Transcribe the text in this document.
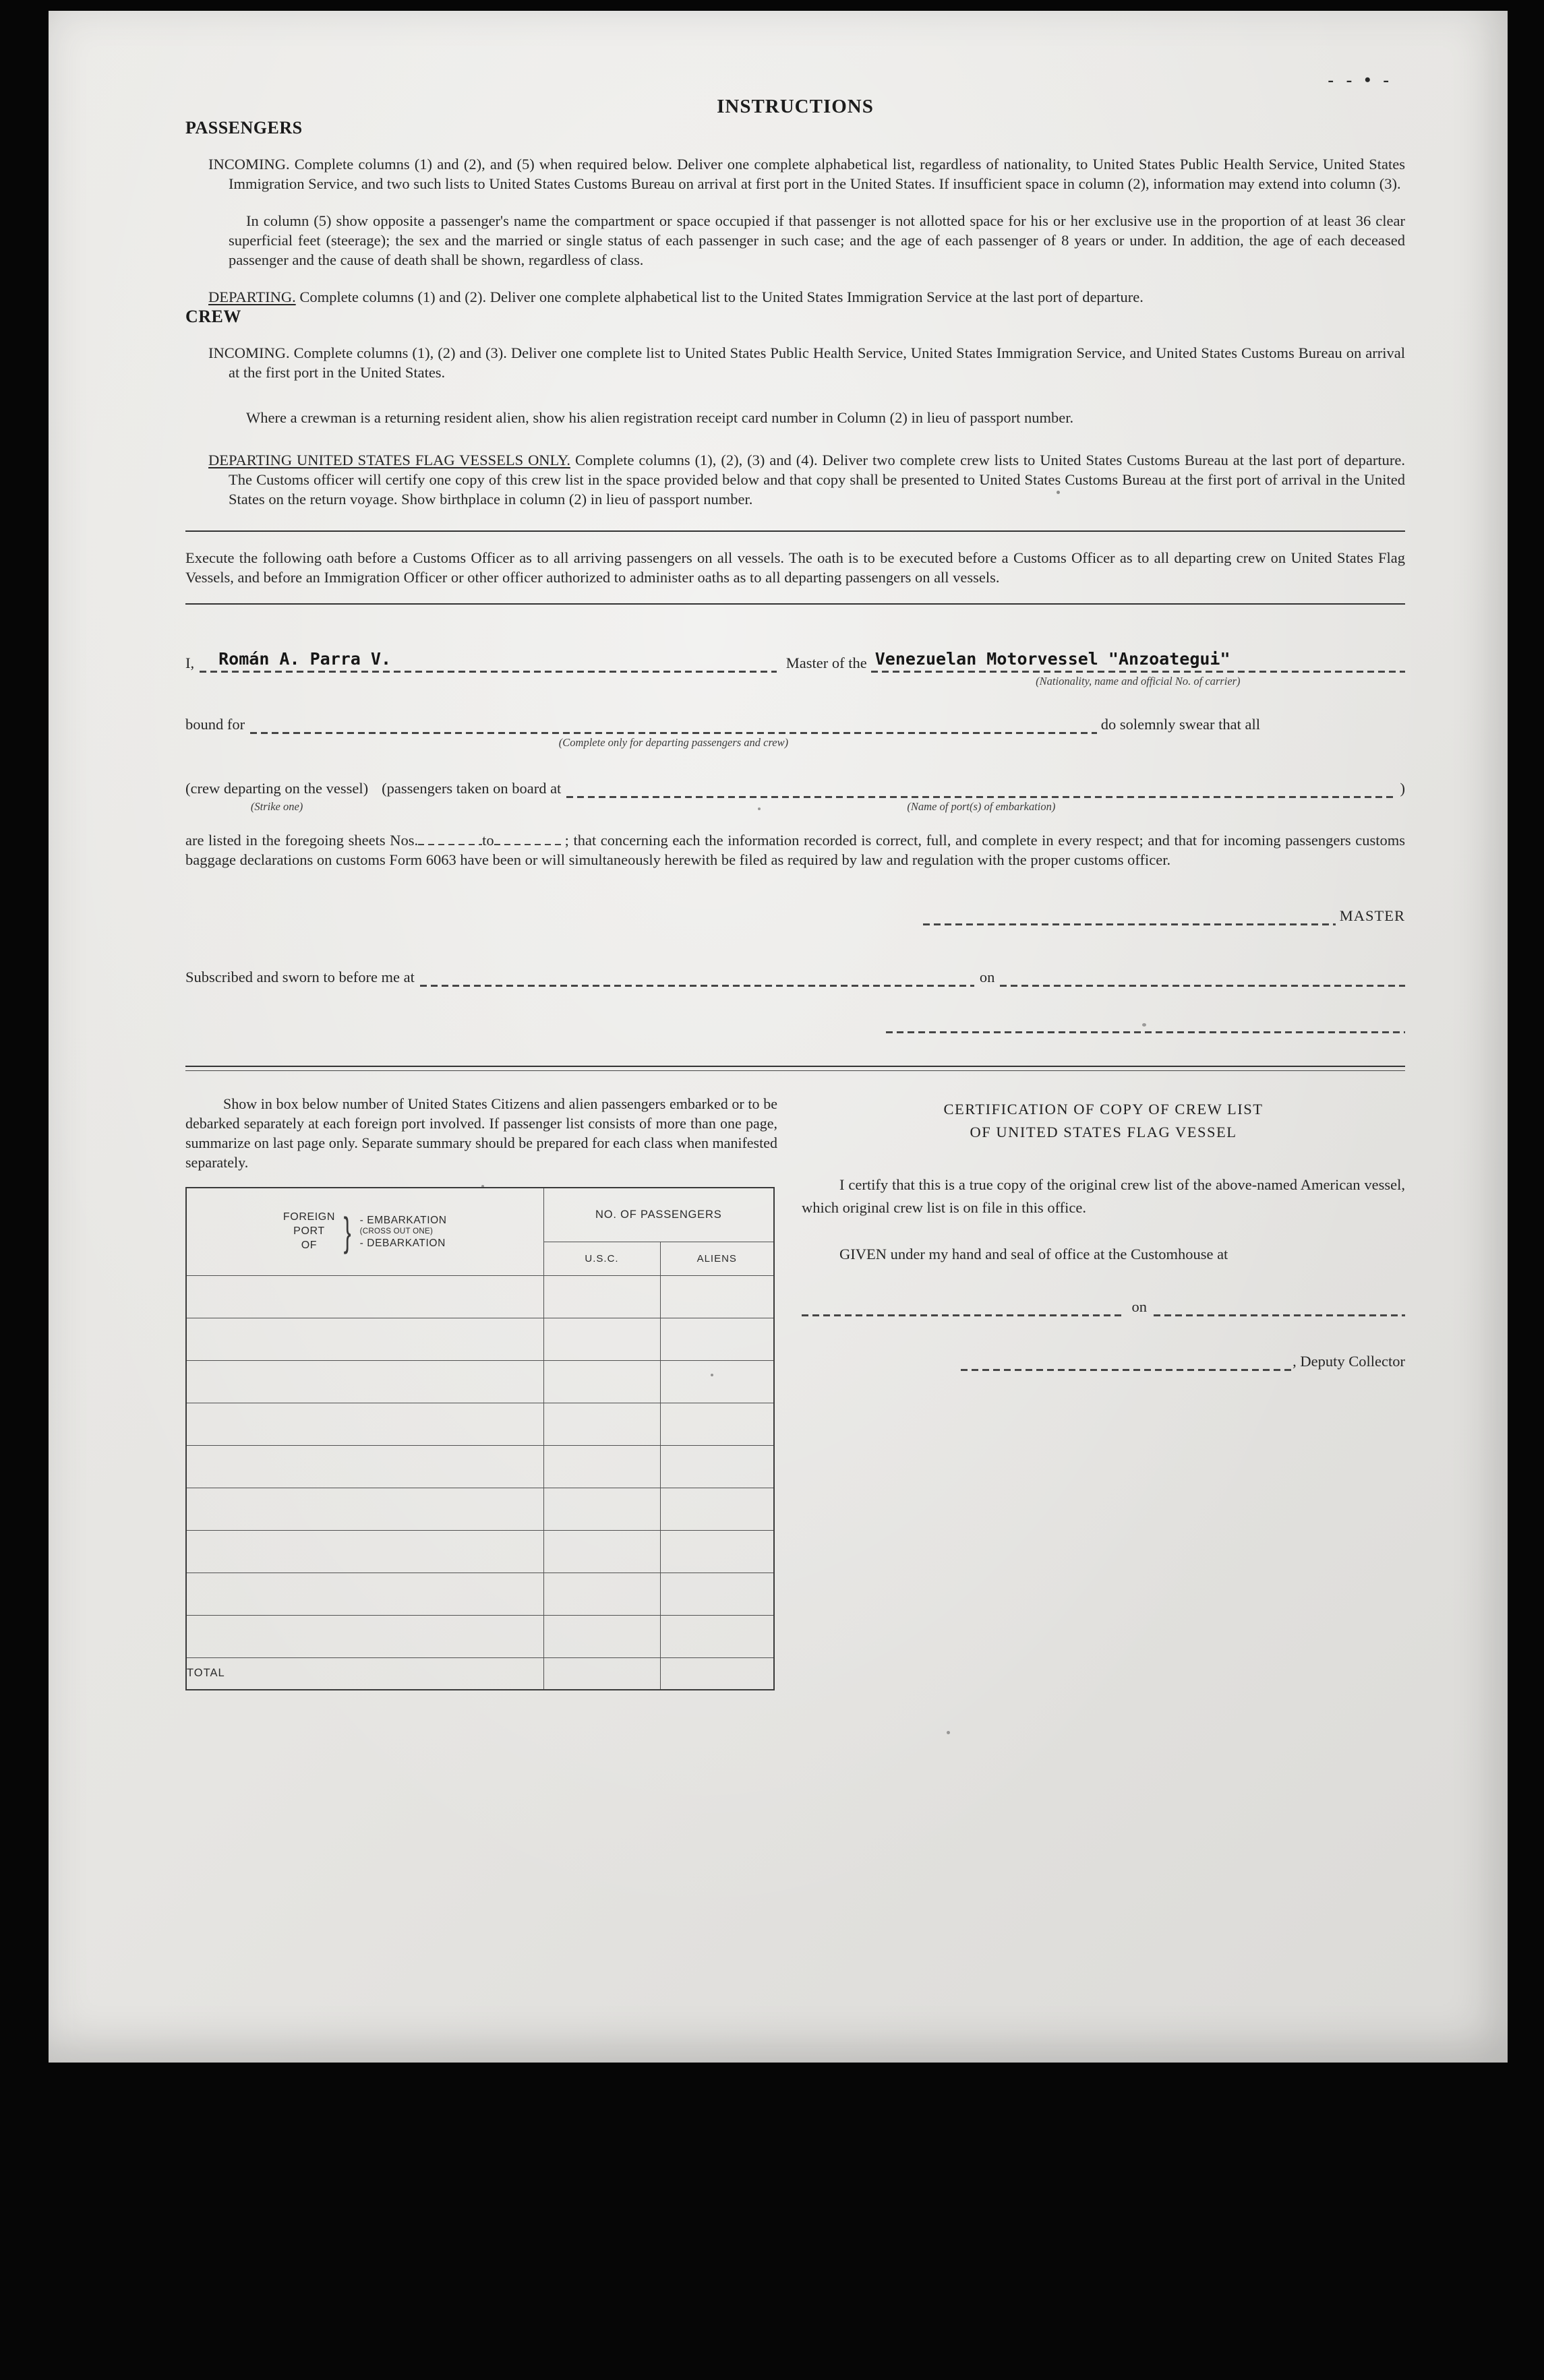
- - • -
INSTRUCTIONS
PASSENGERS

INCOMING. Complete columns (1) and (2), and (5) when required below. Deliver one complete alphabetical list, regardless of nationality, to United States Public Health Service, United States Immigration Service, and two such lists to United States Customs Bureau on arrival at first port in the United States. If insufficient space in column (2), information may extend into column (3).

In column (5) show opposite a passenger's name the compartment or space occupied if that passenger is not allotted space for his or her exclusive use in the proportion of at least 36 clear superficial feet (steerage); the sex and the married or single status of each passenger in such case; and the age of each passenger of 8 years or under. In addition, the age of each deceased passenger and the cause of death shall be shown, regardless of class.

DEPARTING. Complete columns (1) and (2). Deliver one complete alphabetical list to the United States Immigration Service at the last port of departure.

CREW

INCOMING. Complete columns (1), (2) and (3). Deliver one complete list to United States Public Health Service, United States Immigration Service, and United States Customs Bureau on arrival at the first port in the United States.

Where a crewman is a returning resident alien, show his alien registration receipt card number in Column (2) in lieu of passport number.

DEPARTING UNITED STATES FLAG VESSELS ONLY. Complete columns (1), (2), (3) and (4). Deliver two complete crew lists to United States Customs Bureau at the last port of departure. The Customs officer will certify one copy of this crew list in the space provided below and that copy shall be presented to United States Customs Bureau at the first port of arrival in the United States on the return voyage. Show birthplace in column (2) in lieu of passport number.

Execute the following oath before a Customs Officer as to all arriving passengers on all vessels. The oath is to be executed before a Customs Officer as to all departing crew on United States Flag Vessels, and before an Immigration Officer or other officer authorized to administer oaths as to all departing passengers on all vessels.

I,	Román A. Parra V.	Master of the Venezuelan Motorvessel "Anzoategui"
(Nationality, name and official No. of carrier)
bound for
(Complete only for departing passengers and crew)
do solemnly swear that all
(crew departing on the vessel)
(Strike one)
(passengers taken on board at
(Name of port(s) of embarkation)
)

are listed in the foregoing sheets Nos.	to	; that concerning each the information recorded is correct, full, and complete in every respect; and that for incoming passengers customs baggage declarations on customs Form 6063 have been or will simultaneously herewith be filed as required by law and regulation with the proper customs officer.

MASTER
Subscribed and sworn to before me at	on

Show in box below number of United States Citizens and alien passengers embarked or to be debarked separately at each foreign port involved. If passenger list consists of more than one page, summarize on last page only. Separate summary should be prepared for each class when manifested separately.

FOREIGN
PORT
OF } - EMBARKATION
(CROSS OUT ONE)
- DEBARKATION
	NO. OF PASSENGERS
	U.S.C.	ALIENS

TOTAL		
CERTIFICATION OF COPY OF CREW LIST
OF UNITED STATES FLAG VESSEL

I certify that this is a true copy of the original crew list of the above-named American vessel, which original crew list is on file in this office.

GIVEN under my hand and seal of office at the Customhouse at

on
, Deputy Collector
